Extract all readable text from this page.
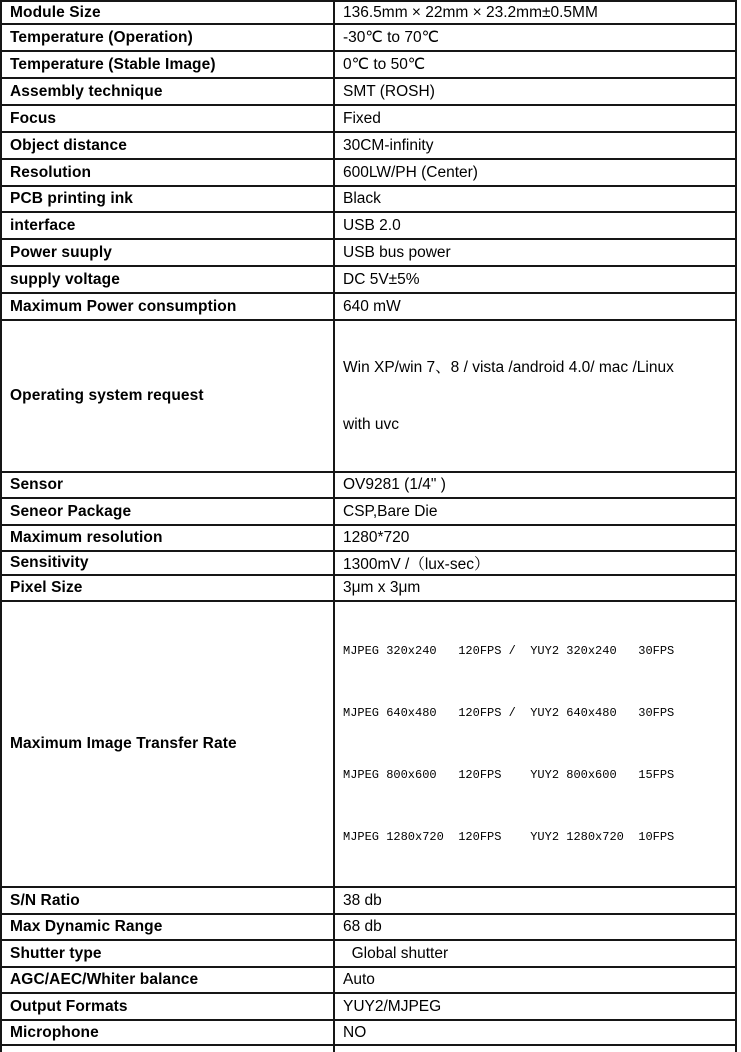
Module Size	136.5mm × 22mm × 23.2mm±0.5MM
Temperature (Operation)	-30℃ to 70℃
Temperature (Stable Image)	0℃ to 50℃
Assembly technique	SMT (ROSH)
Focus	Fixed
Object distance	30CM-infinity
Resolution	600LW/PH (Center)
PCB printing ink	Black
interface	USB 2.0
Power suuply	USB bus power
supply voltage	DC 5V±5%
Maximum Power consumption	640 mW
Operating system request	Win XP/win 7、8 / vista /android 4.0/ mac /Linux

with uvc

Sensor	OV9281 (1/4" )
Seneor Package	CSP,Bare Die
Maximum resolution	1280*720
Sensitivity	1300mV /（lux-sec）
Pixel Size	3μm x 3μm
Maximum Image Transfer Rate	MJPEG 320x240   120FPS /  YUY2 320x240   30FPS

MJPEG 640x480   120FPS /  YUY2 640x480   30FPS

MJPEG 800x600   120FPS    YUY2 800x600   15FPS

MJPEG 1280x720  120FPS    YUY2 1280x720  10FPS

S/N Ratio	38 db
Max Dynamic Range	68 db
Shutter type	Global shutter
AGC/AEC/Whiter balance	Auto
Output Formats	YUY2/MJPEG
Microphone	NO
